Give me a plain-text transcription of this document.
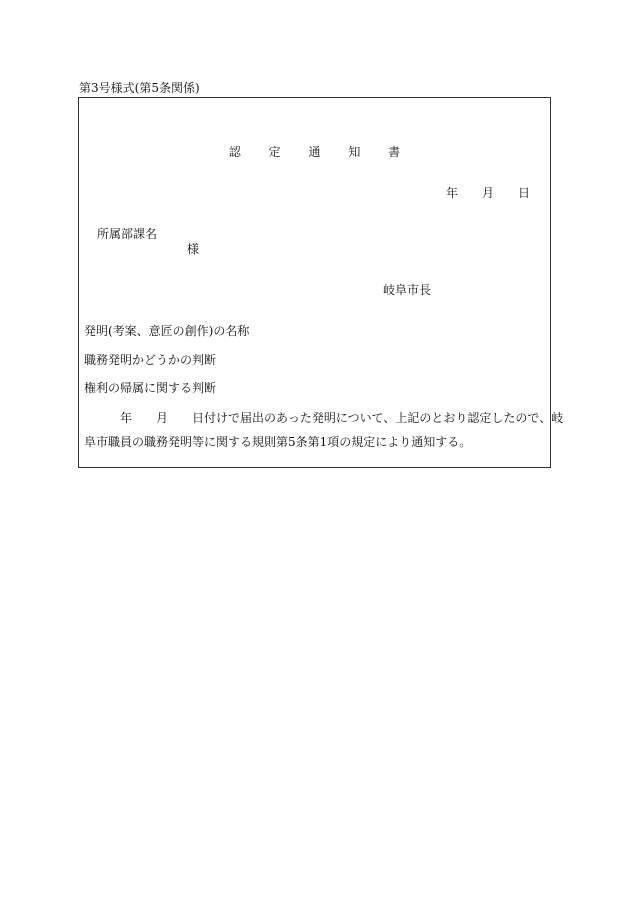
第3号様式(第5条関係)
認 定 通 知 書
年 月 日
所属部課名
様
岐阜市長
発明(考案、意匠の創作)の名称
職務発明かどうかの判断
権利の帰属に関する判断
年 月 日付けで届出のあった発明について、上記のとおり認定したので、岐
阜市職員の職務発明等に関する規則第5条第1項の規定により通知する。
